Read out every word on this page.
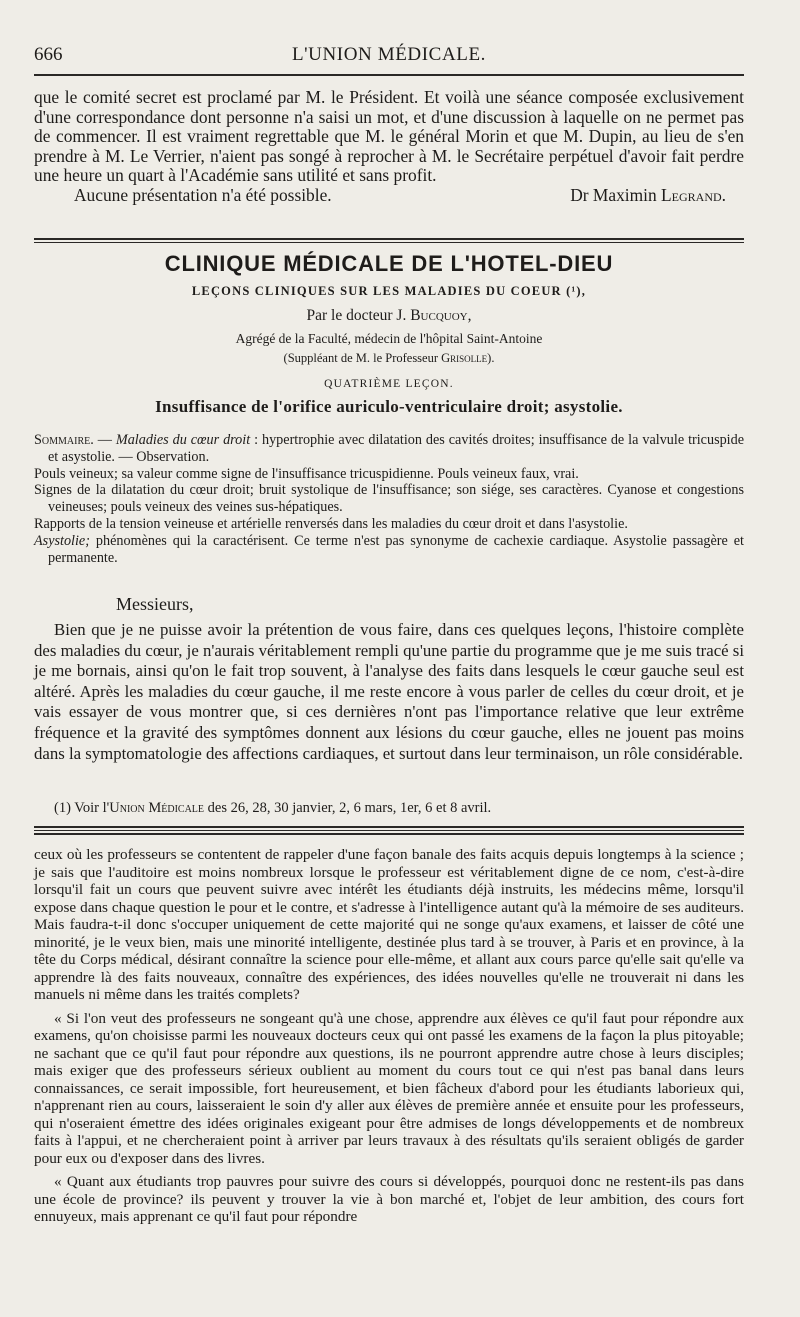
666	L'UNION MÉDICALE.

que le comité secret est proclamé par M. le Président. Et voilà une séance composée exclusivement d'une correspondance dont personne n'a saisi un mot, et d'une discussion à laquelle on ne permet pas de commencer. Il est vraiment regrettable que M. le général Morin et que M. Dupin, au lieu de s'en prendre à M. Le Verrier, n'aient pas songé à reprocher à M. le Secrétaire perpétuel d'avoir fait perdre une heure un quart à l'Académie sans utilité et sans profit.

Aucune présentation n'a été possible.	Dr Maximin Legrand.
CLINIQUE MÉDICALE DE L'HOTEL-DIEU
LEÇONS CLINIQUES SUR LES MALADIES DU COEUR (¹),
Par le docteur J. Bucquoy,
Agrégé de la Faculté, médecin de l'hôpital Saint-Antoine
(Suppléant de M. le Professeur Grisolle).
QUATRIÈME LEÇON.
Insuffisance de l'orifice auriculo-ventriculaire droit; asystolie.

Sommaire. — Maladies du cœur droit : hypertrophie avec dilatation des cavités droites; insuffisance de la valvule tricuspide et asystolie. — Observation.

Pouls veineux; sa valeur comme signe de l'insuffisance tricuspidienne. Pouls veineux faux, vrai.

Signes de la dilatation du cœur droit; bruit systolique de l'insuffisance; son siége, ses caractères. Cyanose et congestions veineuses; pouls veineux des veines sus-hépatiques.

Rapports de la tension veineuse et artérielle renversés dans les maladies du cœur droit et dans l'asystolie.

Asystolie; phénomènes qui la caractérisent. Ce terme n'est pas synonyme de cachexie cardiaque. Asystolie passagère et permanente.

Messieurs,

Bien que je ne puisse avoir la prétention de vous faire, dans ces quelques leçons, l'histoire complète des maladies du cœur, je n'aurais véritablement rempli qu'une partie du programme que je me suis tracé si je me bornais, ainsi qu'on le fait trop souvent, à l'analyse des faits dans lesquels le cœur gauche seul est altéré. Après les maladies du cœur gauche, il me reste encore à vous parler de celles du cœur droit, et je vais essayer de vous montrer que, si ces dernières n'ont pas l'importance relative que leur extrême fréquence et la gravité des symptômes donnent aux lésions du cœur gauche, elles ne jouent pas moins dans la symptomatologie des affections cardiaques, et surtout dans leur terminaison, un rôle considérable.

(1) Voir l'Union Médicale des 26, 28, 30 janvier, 2, 6 mars, 1er, 6 et 8 avril.

ceux où les professeurs se contentent de rappeler d'une façon banale des faits acquis depuis longtemps à la science ; je sais que l'auditoire est moins nombreux lorsque le professeur est véritablement digne de ce nom, c'est-à-dire lorsqu'il fait un cours que peuvent suivre avec intérêt les étudiants déjà instruits, les médecins même, lorsqu'il expose dans chaque question le pour et le contre, et s'adresse à l'intelligence autant qu'à la mémoire de ses auditeurs. Mais faudra-t-il donc s'occuper uniquement de cette majorité qui ne songe qu'aux examens, et laisser de côté une minorité, je le veux bien, mais une minorité intelligente, destinée plus tard à se trouver, à Paris et en province, à la tête du Corps médical, désirant connaître la science pour elle-même, et allant aux cours parce qu'elle sait qu'elle va apprendre là des faits nouveaux, connaître des expériences, des idées nouvelles qu'elle ne trouverait ni dans les manuels ni même dans les traités complets?

« Si l'on veut des professeurs ne songeant qu'à une chose, apprendre aux élèves ce qu'il faut pour répondre aux examens, qu'on choisisse parmi les nouveaux docteurs ceux qui ont passé les examens de la façon la plus pitoyable; ne sachant que ce qu'il faut pour répondre aux questions, ils ne pourront apprendre autre chose à leurs disciples; mais exiger que des professeurs sérieux oublient au moment du cours tout ce qui n'est pas banal dans leurs connaissances, ce serait impossible, fort heureusement, et bien fâcheux d'abord pour les étudiants laborieux qui, n'apprenant rien au cours, laisseraient le soin d'y aller aux élèves de première année et ensuite pour les professeurs, qui n'oseraient émettre des idées originales exigeant pour être admises de longs développements et de nombreux faits à l'appui, et ne chercheraient point à arriver par leurs travaux à des résultats qu'ils seraient obligés de garder pour eux ou d'exposer dans des livres.

« Quant aux étudiants trop pauvres pour suivre des cours si développés, pourquoi donc ne restent-ils pas dans une école de province? ils peuvent y trouver la vie à bon marché et, l'objet de leur ambition, des cours fort ennuyeux, mais apprenant ce qu'il faut pour répondre
